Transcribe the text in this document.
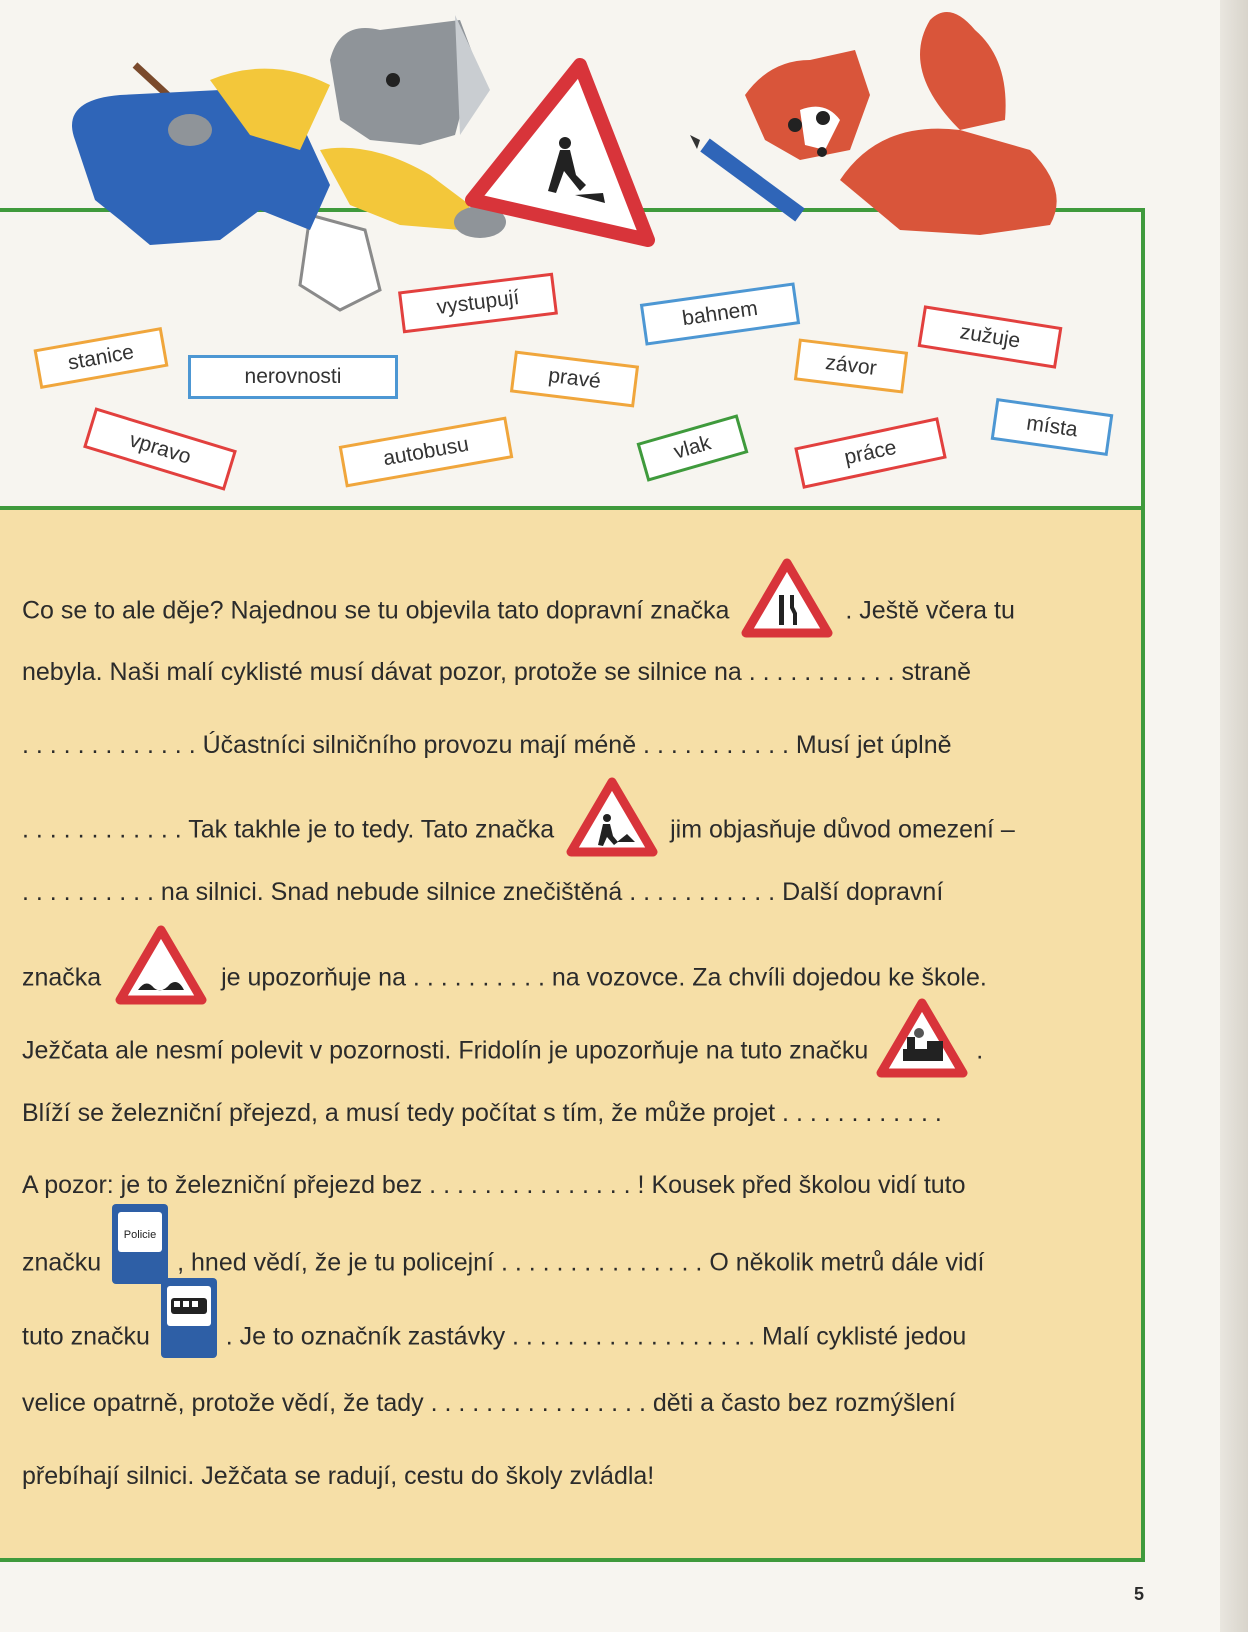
stanice
nerovnosti
vystupují
pravé
bahnem
závor
zužuje
vpravo	autobusu	vlak	práce
místa
Co se to ale děje? Najednou se tu objevila tato dopravní značka	. Ještě včera tu
nebyla. Naši malí cyklisté musí dávat pozor, protože se silnice na . . . . . . . . . . . straně
. . . . . . . . . . . . . Účastníci silničního provozu mají méně . . . . . . . . . . . Musí jet úplně
. . . . . . . . . . . . Tak takhle je to tedy. Tato značka	jim objasňuje důvod omezení –
. . . . . . . . . . na silnici. Snad nebude silnice znečištěná . . . . . . . . . . . Další dopravní
značka	je upozorňuje na . . . . . . . . . . na vozovce. Za chvíli dojedou ke škole.
Ježčata ale nesmí polevit v pozornosti. Fridolín je upozorňuje na tuto značku	.
Blíží se železniční přejezd, a musí tedy počítat s tím, že může projet . . . . . . . . . . . .
A pozor: je to železniční přejezd bez . . . . . . . . . . . . . . . ! Kousek před školou vidí tuto
značku
Policie
, hned vědí, že je tu policejní . . . . . . . . . . . . . . . O několik metrů dále vidí
tuto značku	. Je to označník zastávky . . . . . . . . . . . . . . . . . . Malí cyklisté jedou
velice opatrně, protože vědí, že tady . . . . . . . . . . . . . . . . děti a často bez rozmýšlení
přebíhají silnici. Ježčata se radují, cestu do školy zvládla!
5
